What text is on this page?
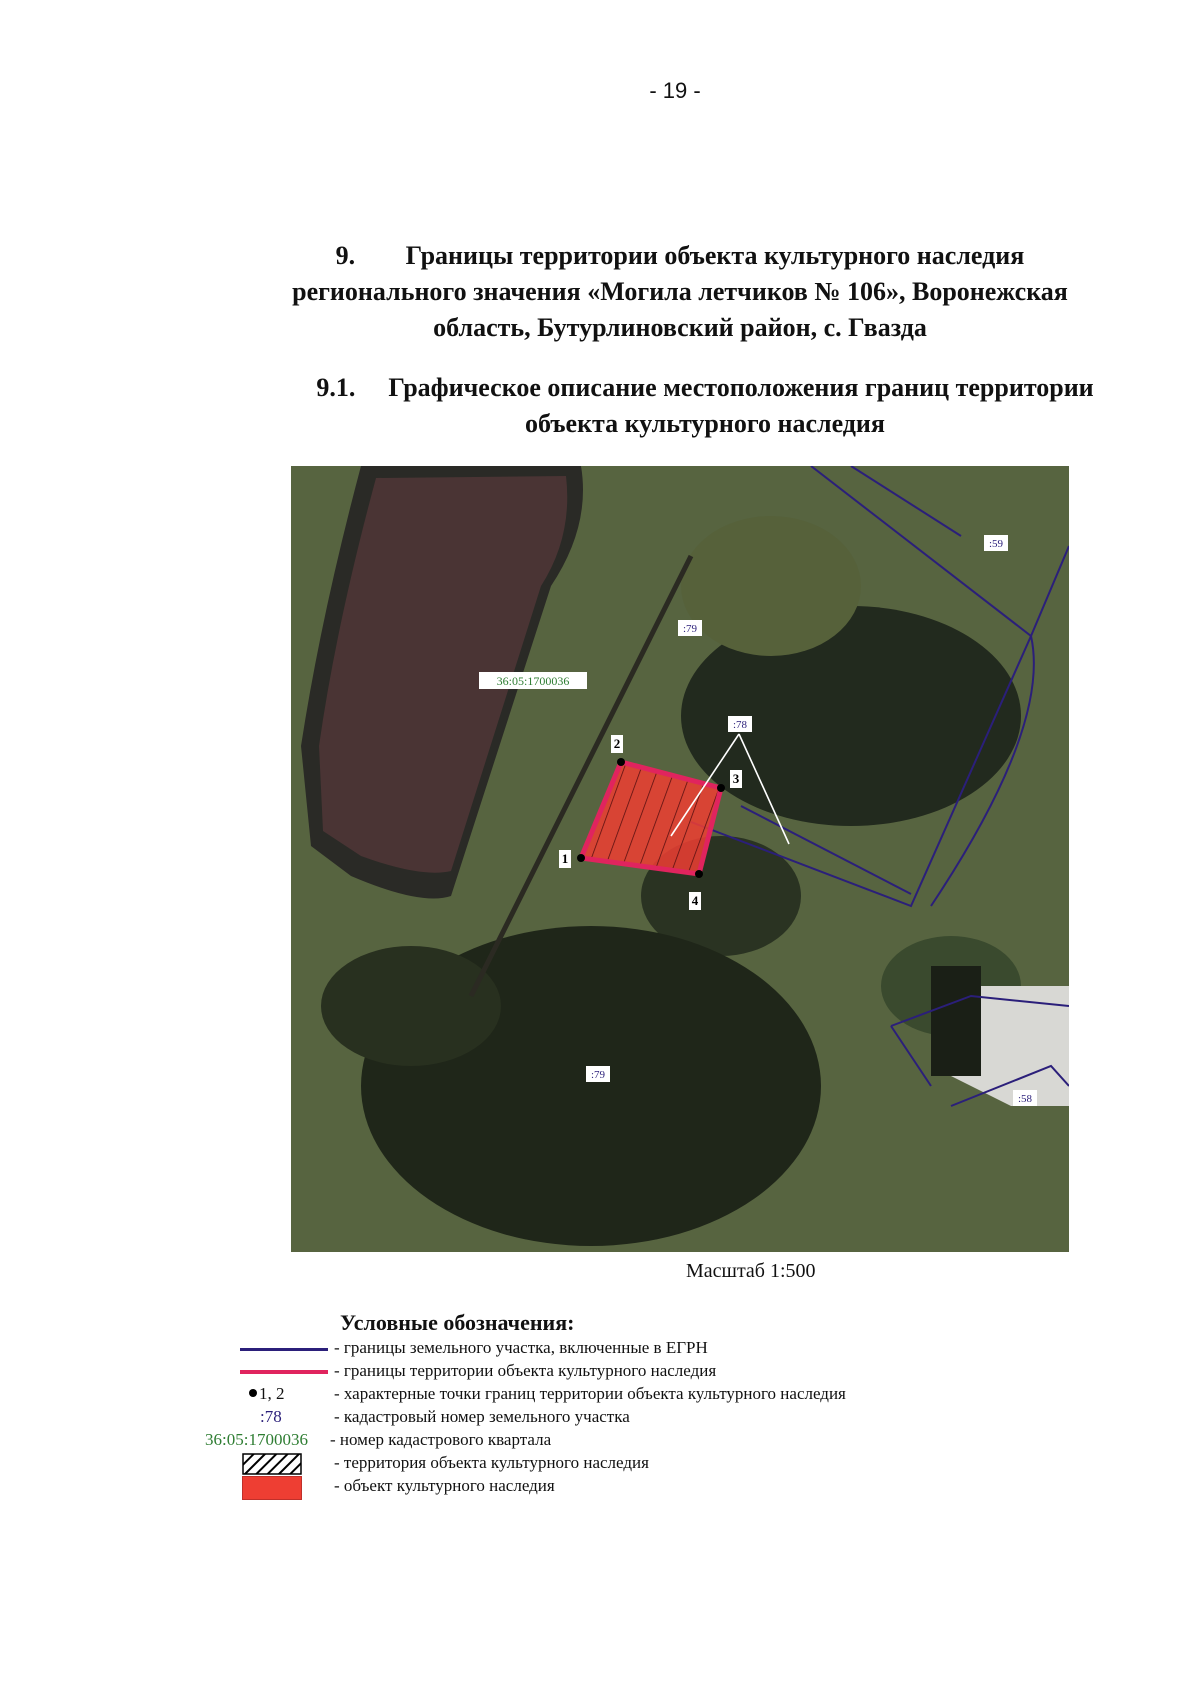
- 19 -
9. Границы территории объекта культурного наследия
регионального значения «Могила летчиков № 106», Воронежская
область, Бутурлиновский район, с. Гвазда
9.1. Графическое описание местоположения границ территории
объекта культурного наследия
1
2
3
4
:59
:79
:78
:79
:58
36:05:1700036
Масштаб 1:500
Условные обозначения:
- границы земельного участка, включенные в ЕГРН
- границы территории объекта культурного наследия
1, 2	- характерные точки границ территории объекта культурного наследия
:78	- кадастровый номер земельного участка
36:05:1700036 - номер кадастрового квартала
- территория объекта культурного наследия
- объект культурного наследия
